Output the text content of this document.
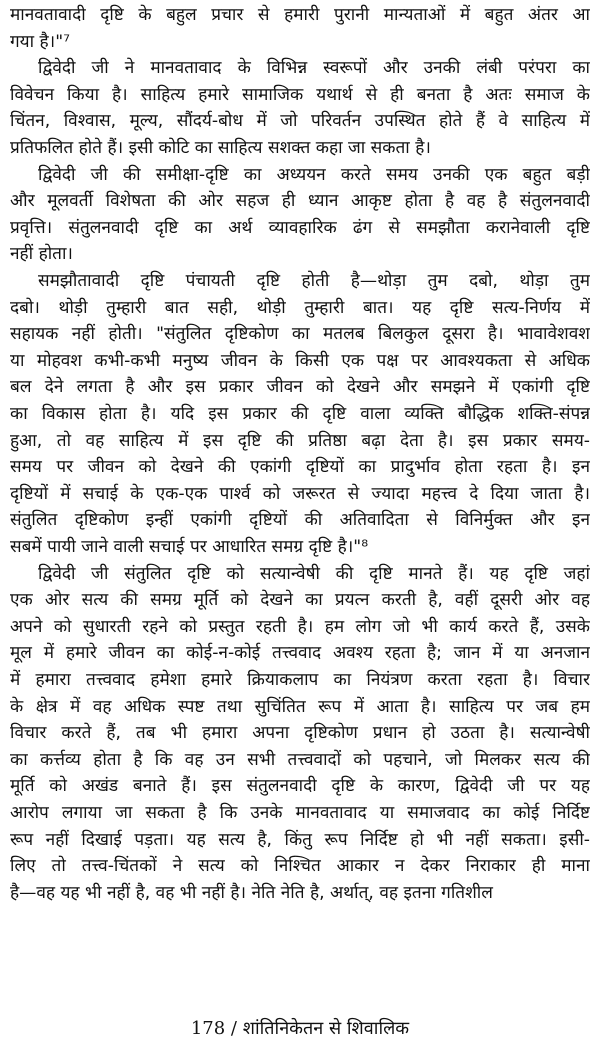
मानवतावादी दृष्टि के बहुल प्रचार से हमारी पुरानी मान्यताओं में बहुत अंतर आ
गया है।"⁷
द्विवेदी जी ने मानवतावाद के विभिन्न स्वरूपों और उनकी लंबी परंपरा का
विवेचन किया है। साहित्य हमारे सामाजिक यथार्थ से ही बनता है अतः समाज के
चिंतन, विश्वास, मूल्य, सौंदर्य-बोध में जो परिवर्तन उपस्थित होते हैं वे साहित्य में
प्रतिफलित होते हैं। इसी कोटि का साहित्य सशक्त कहा जा सकता है।
द्विवेदी जी की समीक्षा-दृष्टि का अध्ययन करते समय उनकी एक बहुत बड़ी
और मूलवर्ती विशेषता की ओर सहज ही ध्यान आकृष्ट होता है वह है संतुलनवादी
प्रवृत्ति। संतुलनवादी दृष्टि का अर्थ व्यावहारिक ढंग से समझौता करानेवाली दृष्टि
नहीं होता।
समझौतावादी दृष्टि पंचायती दृष्टि होती है—थोड़ा तुम दबो, थोड़ा तुम
दबो। थोड़ी तुम्हारी बात सही, थोड़ी तुम्हारी बात। यह दृष्टि सत्य-निर्णय में
सहायक नहीं होती। "संतुलित दृष्टिकोण का मतलब बिलकुल दूसरा है। भावावेशवश
या मोहवश कभी-कभी मनुष्य जीवन के किसी एक पक्ष पर आवश्यकता से अधिक
बल देने लगता है और इस प्रकार जीवन को देखने और समझने में एकांगी दृष्टि
का विकास होता है। यदि इस प्रकार की दृष्टि वाला व्यक्ति बौद्धिक शक्ति-संपन्न
हुआ, तो वह साहित्य में इस दृष्टि की प्रतिष्ठा बढ़ा देता है। इस प्रकार समय-
समय पर जीवन को देखने की एकांगी दृष्टियों का प्रादुर्भाव होता रहता है। इन
दृष्टियों में सचाई के एक-एक पार्श्व को जरूरत से ज्यादा महत्त्व दे दिया जाता है।
संतुलित दृष्टिकोण इन्हीं एकांगी दृष्टियों की अतिवादिता से विनिर्मुक्त और इन
सबमें पायी जाने वाली सचाई पर आधारित समग्र दृष्टि है।"⁸
द्विवेदी जी संतुलित दृष्टि को सत्यान्वेषी की दृष्टि मानते हैं। यह दृष्टि जहां
एक ओर सत्य की समग्र मूर्ति को देखने का प्रयत्न करती है, वहीं दूसरी ओर वह
अपने को सुधारती रहने को प्रस्तुत रहती है। हम लोग जो भी कार्य करते हैं, उसके
मूल में हमारे जीवन का कोई-न-कोई तत्त्ववाद अवश्य रहता है; जान में या अनजान
में हमारा तत्त्ववाद हमेशा हमारे क्रियाकलाप का नियंत्रण करता रहता है। विचार
के क्षेत्र में वह अधिक स्पष्ट तथा सुचिंतित रूप में आता है। साहित्य पर जब हम
विचार करते हैं, तब भी हमारा अपना दृष्टिकोण प्रधान हो उठता है। सत्यान्वेषी
का कर्त्तव्य होता है कि वह उन सभी तत्त्ववादों को पहचाने, जो मिलकर सत्य की
मूर्ति को अखंड बनाते हैं। इस संतुलनवादी दृष्टि के कारण, द्विवेदी जी पर यह
आरोप लगाया जा सकता है कि उनके मानवतावाद या समाजवाद का कोई निर्दिष्ट
रूप नहीं दिखाई पड़ता। यह सत्य है, किंतु रूप निर्दिष्ट हो भी नहीं सकता। इसी-
लिए तो तत्त्व-चिंतकों ने सत्य को निश्चित आकार न देकर निराकार ही माना
है—वह यह भी नहीं है, वह भी नहीं है। नेति नेति है, अर्थात्, वह इतना गतिशील
178 / शांतिनिकेतन से शिवालिक
